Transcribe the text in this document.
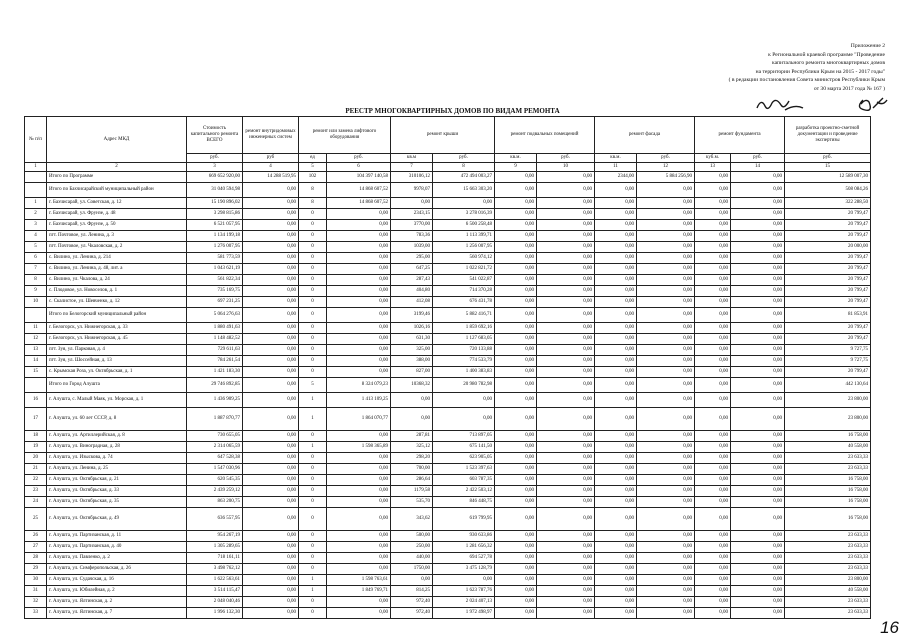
Приложение 2
к Региональной краевой программе "Проведение
капитального ремонта многоквартирных домов
на территории Республики Крым на 2015 - 2017 годы"
( в редакции постановления Совета министров Республики Крым
от 30 марта 2017 года № 167 )
РЕЕСТР МНОГОКВАРТИРНЫХ ДОМОВ ПО ВИДАМ РЕМОНТА
№ п/п	Адрес МКД	Стоимость капитального ремонта ВСЕГО	ремонт внутридомовых инженерных систем	ремонт или замена лифтового оборудования		ремонт крыши		ремонт подвальных помещений		ремонт фасада		ремонт фундамента		разработка проектно-сметной документации и проведение экспертизы
		руб.	руб	ед	руб.	кв.м	руб.	кв.м.	руб.	кв.м.	руб.	куб.м.	руб.	руб.
1	2	3	4	5	6	7	8	9	10	11	12	13	14	15
	Итого по Программе	669 652 920,00	14 288 519,95	102	104 397 140,58	310106,12	472 494 003,27	0,00	0,00	2344,00	5 884 256,90	0,00	0,00	12 589 007,30
	Итого по Бахчисарайский муниципальный район	31 040 594,98	0,00	8	14 868 607,52	9978,07	15 663 303,20	0,00	0,00	0,00	0,00	0,00	0,00	508 084,26
1	г. Бахчисарай, ул. Советская, д. 12	15 190 896,02	0,00	8	14 868 607,52	0,00	0,00	0,00	0,00	0,00	0,00	0,00	0,00	322 288,50
2	г. Бахчисарай, ул. Фрунзе, д. 48	3 298 815,86	0,00	0	0,00	2343,15	3 278 016,39	0,00	0,00	0,00	0,00	0,00	0,00	20 799,47
3	г. Бахчисарай, ул. Фрунзе, д. 50	6 521 057,95	0,00	0	0,00	3770,00	6 500 258,48	0,00	0,00	0,00	0,00	0,00	0,00	20 799,47
4	пгт. Почтовое, ул. Ленина, д. 3	1 134 199,18	0,00	0	0,00	783,36	1 113 399,71	0,00	0,00	0,00	0,00	0,00	0,00	20 799,47
5	пгт. Почтовое, ул. Чкаловская, д. 2	1 276 007,95	0,00	0	0,00	1039,00	1 256 007,95	0,00	0,00	0,00	0,00	0,00	0,00	20 000,00
6	с. Вилино, ул. Ленина, д. 214	581 773,59	0,00	0	0,00	295,00	560 974,12	0,00	0,00	0,00	0,00	0,00	0,00	20 799,47
7	с. Вилино, ул. Ленина, д. 48, лит. а	1 043 621,19	0,00	0	0,00	647,25	1 022 821,72	0,00	0,00	0,00	0,00	0,00	0,00	20 799,47
8	с. Вилино, ул. Чкалова, д. 24	561 822,34	0,00	0	0,00	287,43	541 022,87	0,00	0,00	0,00	0,00	0,00	0,00	20 799,47
9	с. Плодовое, ул. Новоселов, д. 1	735 169,75	0,00	0	0,00	404,80	714 370,28	0,00	0,00	0,00	0,00	0,00	0,00	20 799,47
10	с. Скалистое, ул. Шевченко, д. 12	697 231,25	0,00	0	0,00	412,08	676 431,78	0,00	0,00	0,00	0,00	0,00	0,00	20 799,47
	Итого по Белогорский муниципальный район	5 064 276,63	0,00	0	0,00	3199,46	5 882 416,71	0,00	0,00	0,00	0,00	0,00	0,00	81 853,91
11	г. Белогорск, ул. Нижнегорская, д. 33	1 880 491,63	0,00	0	0,00	1026,16	1 859 692,16	0,00	0,00	0,00	0,00	0,00	0,00	20 799,47
12	г. Белогорск, ул. Нижнегорская, д. 45	1 148 482,52	0,00	0	0,00	631,30	1 127 683,05	0,00	0,00	0,00	0,00	0,00	0,00	20 799,47
13	пгт. Зуя, ул. Парковая, д. 4	729 611,63	0,00	0	0,00	325,00	720 133,88	0,00	0,00	0,00	0,00	0,00	0,00	9 727,75
14	пгт. Зуя, ул. Шоссейная, д. 13	784 261,54	0,00	0	0,00	388,00	774 533,79	0,00	0,00	0,00	0,00	0,00	0,00	9 727,75
15	с. Крымская Роза, ул. Октябрьская, д. 1	1 421 183,30	0,00	0	0,00	827,00	1 400 383,83	0,00	0,00	0,00	0,00	0,00	0,00	20 799,47
	Итого по Город Алушта	29 746 892,85	0,00	5	8 324 079,23	10368,32	20 980 782,98	0,00	0,00	0,00	0,00	0,00	0,00	442 130,64
16	г. Алушта, с. Малый Маяк, ул. Морская, д. 1	1 436 909,25	0,00	1	1 413 109,25	0,00	0,00	0,00	0,00	0,00	0,00	0,00	0,00	23 800,00
17	г. Алушта, ул. 60 лет СССР, д. 8	1 887 870,77	0,00	1	1 864 070,77	0,00	0,00	0,00	0,00	0,00	0,00	0,00	0,00	23 800,00
18	г. Алушта, ул. Артиллерийская, д. 8	730 655,05	0,00	0	0,00	287,81	713 897,05	0,00	0,00	0,00	0,00	0,00	0,00	16 758,00
19	г. Алушта, ул. Виноградная, д. 28	2 314 065,59	0,00	1	1 598 365,89	325,12	675 141,50	0,00	0,00	0,00	0,00	0,00	0,00	40 558,00
20	г. Алушта, ул. Изыскова, д. 74	647 528,38	0,00	0	0,00	298,20	623 905,05	0,00	0,00	0,00	0,00	0,00	0,00	23 633,33
21	г. Алушта, ул. Ленина, д. 25	1 547 030,96	0,00	0	0,00	700,00	1 523 397,63	0,00	0,00	0,00	0,00	0,00	0,00	23 633,33
22	г. Алушта, ул. Октябрьская, д. 21	620 545,35	0,00	0	0,00	286,64	603 787,35	0,00	0,00	0,00	0,00	0,00	0,00	16 758,00
23	г. Алушта, ул. Октябрьская, д. 33	2 439 259,12	0,00	0	0,00	1179,58	2 422 503,12	0,00	0,00	0,00	0,00	0,00	0,00	16 758,00
24	г. Алушта, ул. Октябрьская, д. 35	863 200,75	0,00	0	0,00	535,70	846 448,75	0,00	0,00	0,00	0,00	0,00	0,00	16 758,00
25	г. Алушта, ул. Октябрьская, д. 49	636 557,95	0,00	0	0,00	343,62	619 799,95	0,00	0,00	0,00	0,00	0,00	0,00	16 758,00
26	г. Алушта, ул. Партизанская, д. 11	954 267,19	0,00	0	0,00	500,00	930 633,86	0,00	0,00	0,00	0,00	0,00	0,00	23 633,33
27	г. Алушта, ул. Партизанская, д. 40	1 305 289,65	0,00	0	0,00	250,00	1 281 656,32	0,00	0,00	0,00	0,00	0,00	0,00	23 633,33
28	г. Алушта, ул. Павленко, д. 2	718 161,11	0,00	0	0,00	440,00	694 527,78	0,00	0,00	0,00	0,00	0,00	0,00	23 633,33
29	г. Алушта, ул. Симферопольская, д. 26	3 498 762,12	0,00	0	0,00	1750,00	3 475 128,79	0,00	0,00	0,00	0,00	0,00	0,00	23 633,33
30	г. Алушта, ул. Судачская, д. 16	1 622 563,61	0,00	1	1 598 763,61	0,00	0,00	0,00	0,00	0,00	0,00	0,00	0,00	23 800,00
31	г. Алушта, ул. Юбилейная, д. 2	3 514 115,47	0,00	1	1 849 769,71	814,25	1 623 787,76	0,00	0,00	0,00	0,00	0,00	0,00	40 558,00
32	г. Алушта, ул. Ялтинская, д. 2	2 048 040,46	0,00	0	0,00	972,40	2 024 407,13	0,00	0,00	0,00	0,00	0,00	0,00	23 633,33
33	г. Алушта, ул. Ялтинская, д. 7	1 996 132,30	0,00	0	0,00	972,40	1 972 498,97	0,00	0,00	0,00	0,00	0,00	0,00	23 633,33
16
